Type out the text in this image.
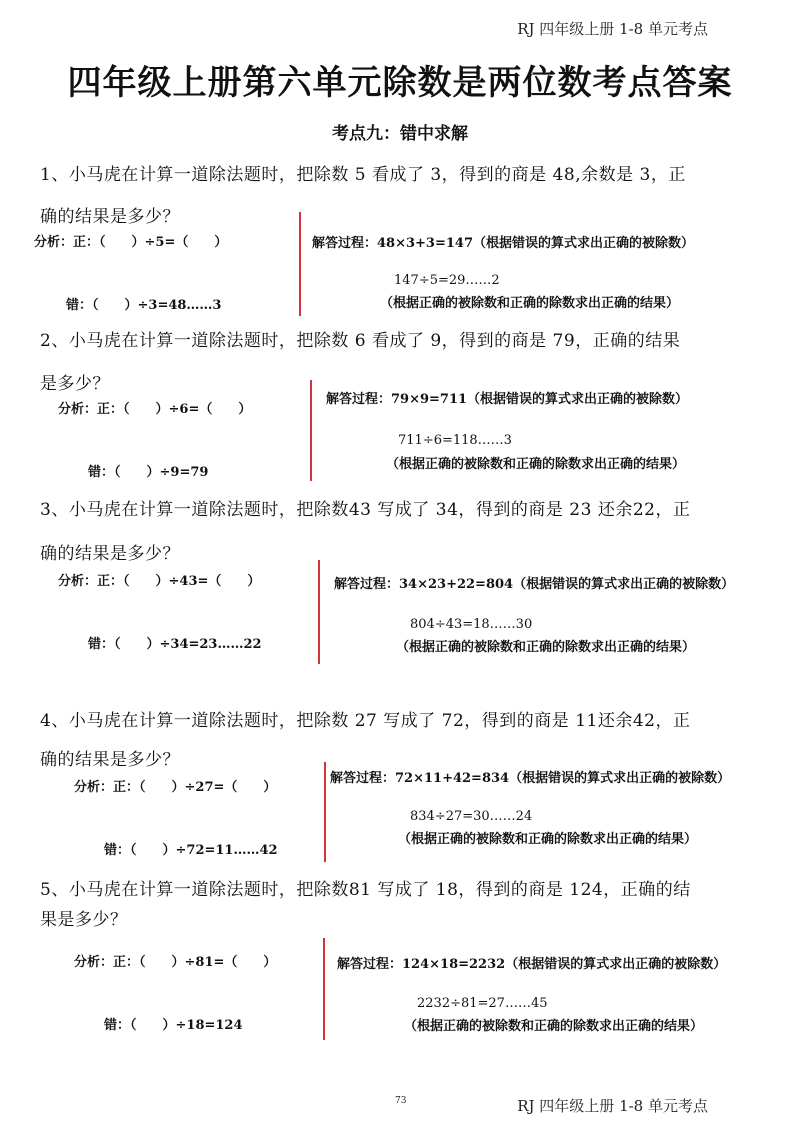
RJ 四年级上册 1-8 单元考点
四年级上册第六单元除数是两位数考点答案
考点九：错中求解
1、小马虎在计算一道除法题时，把除数 5 看成了 3，得到的商是 48,余数是 3，正
确的结果是多少？
分析：正：（　　）÷5=（　　）
错：（　　）÷3=48……3
解答过程：48×3+3=147（根据错误的算式求出正确的被除数）
147÷5=29……2
（根据正确的被除数和正确的除数求出正确的结果）
2、小马虎在计算一道除法题时，把除数 6 看成了 9，得到的商是 79，正确的结果
是多少？
分析：正：（　　）÷6=（　　）
错：（　　）÷9=79
解答过程：79×9=711（根据错误的算式求出正确的被除数）
711÷6=118……3
（根据正确的被除数和正确的除数求出正确的结果）
3、小马虎在计算一道除法题时，把除数43 写成了 34，得到的商是 23 还余22，正
确的结果是多少？
分析：正：（　　）÷43=（　　）
错：（　　）÷34=23……22
解答过程：34×23+22=804（根据错误的算式求出正确的被除数）
804÷43=18……30
（根据正确的被除数和正确的除数求出正确的结果）
4、小马虎在计算一道除法题时，把除数 27 写成了 72，得到的商是 11还余42，正
确的结果是多少？
分析：正：（　　）÷27=（　　）
错：（　　）÷72=11……42
解答过程：72×11+42=834（根据错误的算式求出正确的被除数）
834÷27=30……24
（根据正确的被除数和正确的除数求出正确的结果）
5、小马虎在计算一道除法题时，把除数81 写成了 18，得到的商是 124，正确的结
果是多少？
分析：正：（　　）÷81=（　　）
错：（　　）÷18=124
解答过程：124×18=2232（根据错误的算式求出正确的被除数）
2232÷81=27……45
（根据正确的被除数和正确的除数求出正确的结果）
73	RJ 四年级上册 1-8 单元考点
